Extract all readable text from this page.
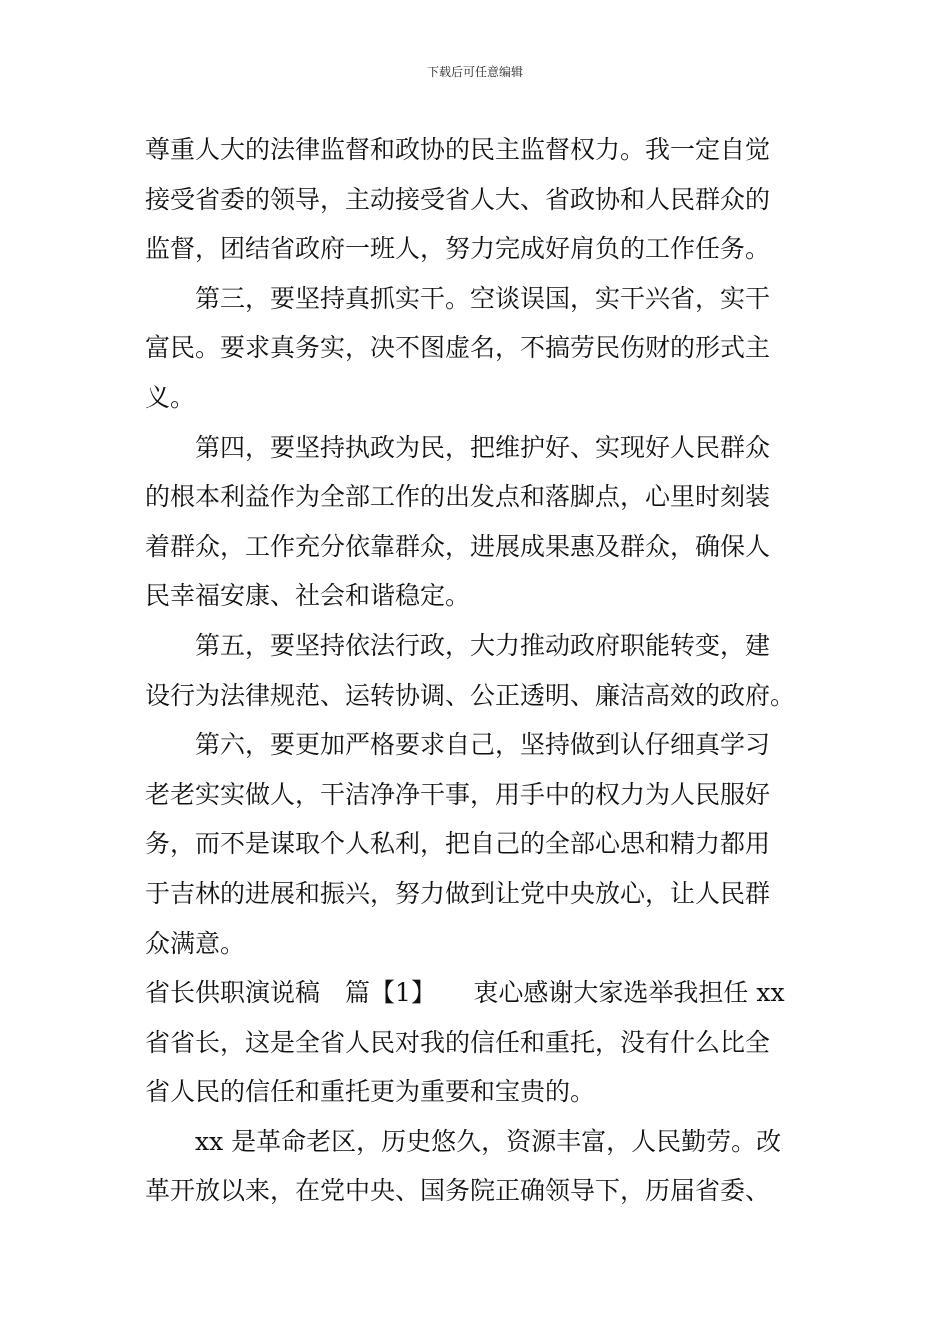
下载后可任意编辑
尊重人大的法律监督和政协的民主监督权力。我一定自觉
接受省委的领导，主动接受省人大、省政协和人民群众的
监督，团结省政府一班人，努力完成好肩负的工作任务。
第三，要坚持真抓实干。空谈误国，实干兴省，实干
富民。要求真务实，决不图虚名，不搞劳民伤财的形式主
义。
第四，要坚持执政为民，把维护好、实现好人民群众
的根本利益作为全部工作的出发点和落脚点，心里时刻装
着群众，工作充分依靠群众，进展成果惠及群众，确保人
民幸福安康、社会和谐稳定。
第五，要坚持依法行政，大力推动政府职能转变，建
设行为法律规范、运转协调、公正透明、廉洁高效的政府。
第六，要更加严格要求自己，坚持做到认仔细真学习
老老实实做人，干洁净净干事，用手中的权力为人民服好
务，而不是谋取个人私利，把自己的全部心思和精力都用
于吉林的进展和振兴，努力做到让党中央放心，让人民群
众满意。
省长供职演说稿　篇【1】　　衷心感谢大家选举我担任 xx
省省长，这是全省人民对我的信任和重托，没有什么比全
省人民的信任和重托更为重要和宝贵的。
xx 是革命老区，历史悠久，资源丰富，人民勤劳。改
革开放以来，在党中央、国务院正确领导下，历届省委、
